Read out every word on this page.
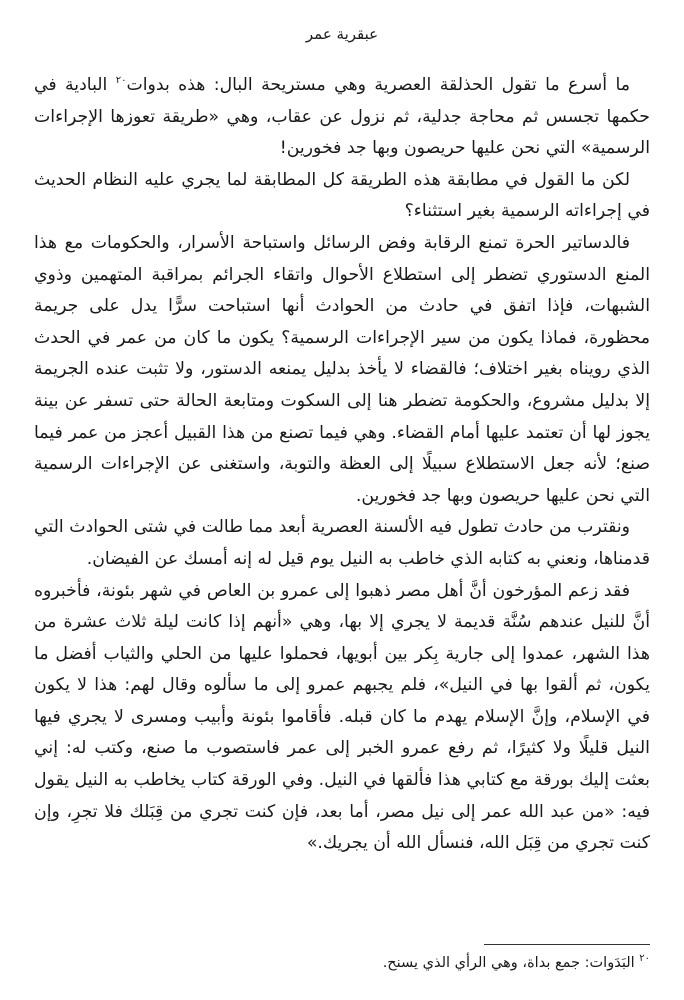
عبقرية عمر

ما أسرع ما تقول الحذلقة العصرية وهي مستريحة البال: هذه بدوات$^{٢٠}$ البادية في حكمها تجسس ثم محاجة جدلية، ثم نزول عن عقاب، وهي «طريقة تعوزها الإجراءات الرسمية» التي نحن عليها حريصون وبها جد فخورين!

لكن ما القول في مطابقة هذه الطريقة كل المطابقة لما يجري عليه النظام الحديث في إجراءاته الرسمية بغير استثناء؟

فالدساتير الحرة تمنع الرقابة وفض الرسائل واستباحة الأسرار، والحكومات مع هذا المنع الدستوري تضطر إلى استطلاع الأحوال واتقاء الجرائم بمراقبة المتهمين وذوي الشبهات، فإذا اتفق في حادث من الحوادث أنها استباحت سرًّا يدل على جريمة محظورة، فماذا يكون من سير الإجراءات الرسمية؟ يكون ما كان من عمر في الحدث الذي رويناه بغير اختلاف؛ فالقضاء لا يأخذ بدليل يمنعه الدستور، ولا تثبت عنده الجريمة إلا بدليل مشروع، والحكومة تضطر هنا إلى السكوت ومتابعة الحالة حتى تسفر عن بينة يجوز لها أن تعتمد عليها أمام القضاء. وهي فيما تصنع من هذا القبيل أعجز من عمر فيما صنع؛ لأنه جعل الاستطلاع سبيلًا إلى العظة والتوبة، واستغنى عن الإجراءات الرسمية التي نحن عليها حريصون وبها جد فخورين.

ونقترب من حادث تطول فيه الألسنة العصرية أبعد مما طالت في شتى الحوادث التي قدمناها، ونعني به كتابه الذي خاطب به النيل يوم قيل له إنه أمسك عن الفيضان.

فقد زعم المؤرخون أنَّ أهل مصر ذهبوا إلى عمرو بن العاص في شهر بئونة، فأخبروه أنَّ للنيل عندهم سُنَّة قديمة لا يجري إلا بها، وهي «أنهم إذا كانت ليلة ثلاث عشرة من هذا الشهر، عمدوا إلى جارية بِكر بين أبويها، فحملوا عليها من الحلي والثياب أفضل ما يكون، ثم ألقوا بها في النيل»، فلم يجبهم عمرو إلى ما سألوه وقال لهم: هذا لا يكون في الإسلام، وإنَّ الإسلام يهدم ما كان قبله. فأقاموا بئونة وأبيب ومسرى لا يجري فيها النيل قليلًا ولا كثيرًا، ثم رفع عمرو الخبر إلى عمر فاستصوب ما صنع، وكتب له: إني بعثت إليك بورقة مع كتابي هذا فألقها في النيل. وفي الورقة كتاب يخاطب به النيل يقول فيه: «من عبد الله عمر إلى نيل مصر، أما بعد، فإن كنت تجري من قِبَلك فلا تجرِ، وإن كنت تجري من قِبَل الله، فنسأل الله أن يجريك.»

$^{٢٠}$ البَدَوات: جمع بداة، وهي الرأي الذي يسنح.
